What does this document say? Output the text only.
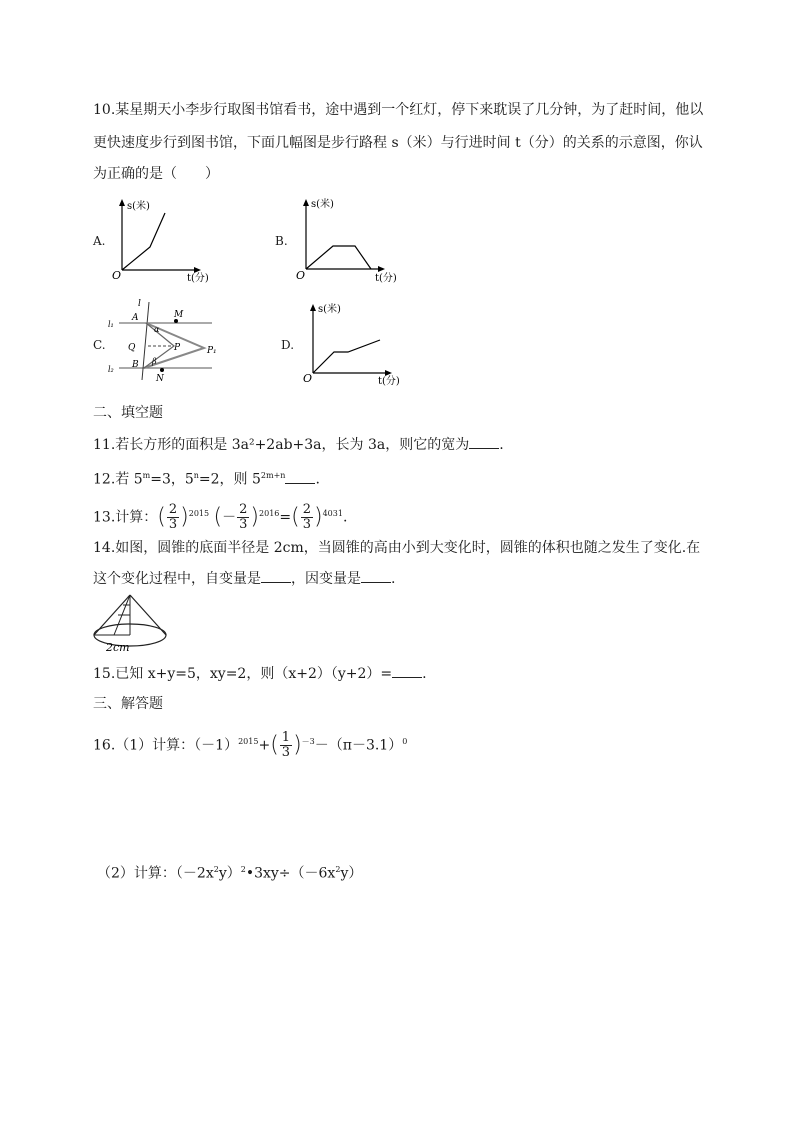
10.某星期天小李步行取图书馆看书，途中遇到一个红灯，停下来耽误了几分钟，为了赶时间，他以
更快速度步行到图书馆，下面几幅图是步行路程 s（米）与行进时间 t（分）的关系的示意图，你认
为正确的是（　　）
A.
s(米)
t(分)
O
B.
s(米)
t(分)
O
C.
l
l₁
l₂
A	M
α
Q	P	P₁
β
B
N
D.
s(米)
t(分)
O
二、填空题
11.若长方形的面积是 3a²+2ab+3a，长为 3a，则它的宽为 .
12.若 $5^m=3$，$5^n=2$，则 $5^{2m+n}$ .
13.计算：( $\frac{2}{3} )^{2015}$ (－ $\frac{2}{3} )^{2016}=( \frac{2}{3} )^{4031}$.
14.如图，圆锥的底面半径是 2cm，当圆锥的高由小到大变化时，圆锥的体积也随之发生了变化.在
这个变化过程中，自变量是 ，因变量是 .
2cm
15.已知 x+y=5，xy=2，则（x+2）（y+2）= .
三、解答题
16.（1）计算：$(-1)^{2015}+( \frac{1}{3} )^{-3}-(\pi-3.1)^0$
（2）计算：$(-2x^2y)^2•3xy\div(-6x^2y)$
